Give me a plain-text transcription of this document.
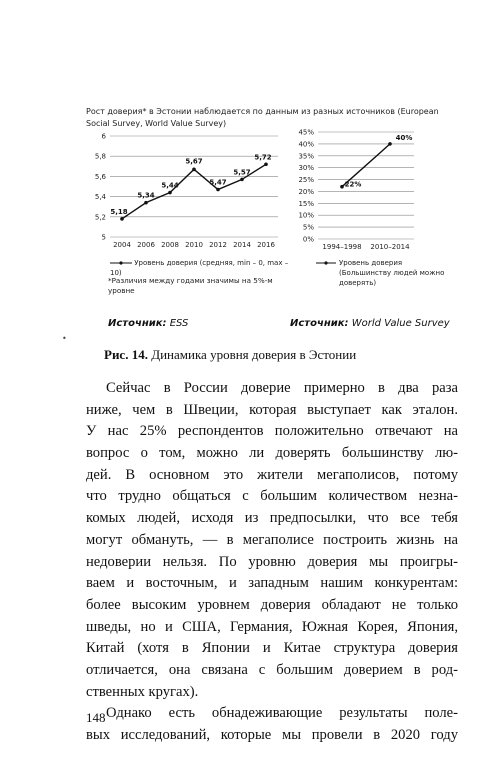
Рост доверия* в Эстонии наблюдается по данным из разных источников (European Social Survey, World Value Survey)
5
5,2
5,4
5,6
5,8
6
2004 2006 2008 2010 2012 2014 2016
5,18
5,34
5,44
5,67
5,47
5,57
5,72
Уровень доверия (средняя, min – 0, max – 10)
*Различия между годами значимы на 5%-м уровне
0%
5%
10%
15%
20%
25%
30%
35%
40%
45%
1994–1998 2010–2014
22%
40%
Уровень доверия (Большинству людей можно доверять)
Источник: ESS	Источник: World Value Survey
•
Рис. 14. Динамика уровня доверия в Эстонии
Сейчас в России доверие примерно в два раза
ниже, чем в Швеции, которая выступает как эталон.
У нас 25% респондентов положительно отвечают на
вопрос о том, можно ли доверять большинству лю-
дей. В основном это жители мегаполисов, потому
что трудно общаться с большим количеством незна-
комых людей, исходя из предпосылки, что все тебя
могут обмануть, — в мегаполисе построить жизнь на
недоверии нельзя. По уровню доверия мы проигры-
ваем и восточным, и западным нашим конкурентам:
более высоким уровнем доверия обладают не только
шведы, но и США, Германия, Южная Корея, Япония,
Китай (хотя в Японии и Китае структура доверия
отличается, она связана с большим доверием в род-
ственных кругах).
Однако есть обнадеживающие результаты поле-
вых исследований, которые мы провели в 2020 году
148
